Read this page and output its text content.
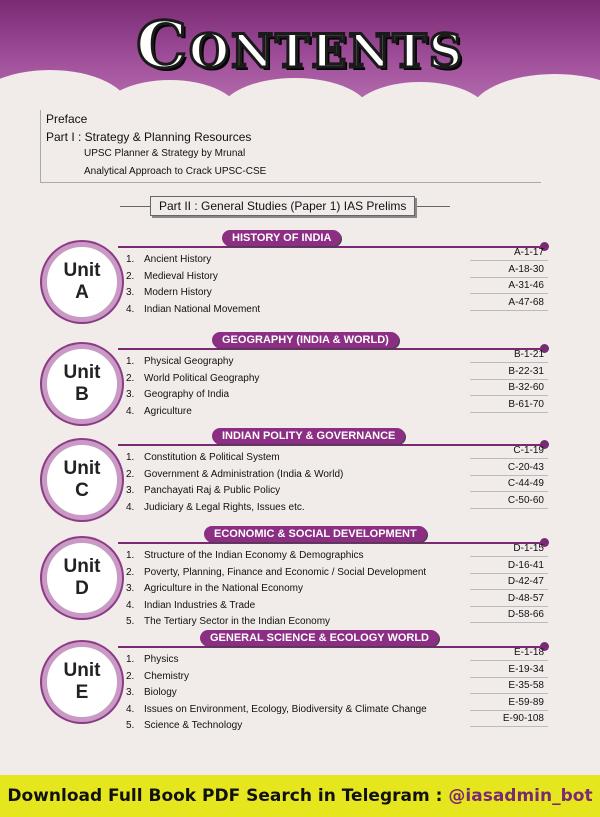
CONTENTS
Preface
Part I : Strategy & Planning Resources
UPSC Planner & Strategy by Mrunal
Analytical Approach to Crack UPSC-CSE
Part II : General Studies (Paper 1) IAS Prelims
HISTORY OF INDIA
Unit
A
1. Ancient History
A-1-17
2. Medieval History
A-18-30
3. Modern History
A-31-46
4. Indian National Movement
A-47-68
GEOGRAPHY (INDIA & WORLD)
Unit
B
1. Physical Geography
B-1-21
2. World Political Geography
B-22-31
3. Geography of India
B-32-60
4. Agriculture
B-61-70
INDIAN POLITY & GOVERNANCE
Unit
C
1. Constitution & Political System
C-1-19
2. Government & Administration (India & World)
C-20-43
3. Panchayati Raj & Public Policy
C-44-49
4. Judiciary & Legal Rights, Issues etc.
C-50-60
ECONOMIC & SOCIAL DEVELOPMENT
Unit
D
1. Structure of the Indian Economy & Demographics
D-1-15
2. Poverty, Planning, Finance and Economic / Social Development
D-16-41
3. Agriculture in the National Economy
D-42-47
4. Indian Industries & Trade
D-48-57
5. The Tertiary Sector in the Indian Economy
D-58-66
GENERAL SCIENCE & ECOLOGY WORLD
Unit
E
1. Physics
E-1-18
2. Chemistry
E-19-34
3. Biology
E-35-58
4. Issues on Environment, Ecology, Biodiversity & Climate Change
E-59-89
5. Science & Technology
E-90-108
Download Full Book PDF Search in Telegram : @iasadmin_bot
